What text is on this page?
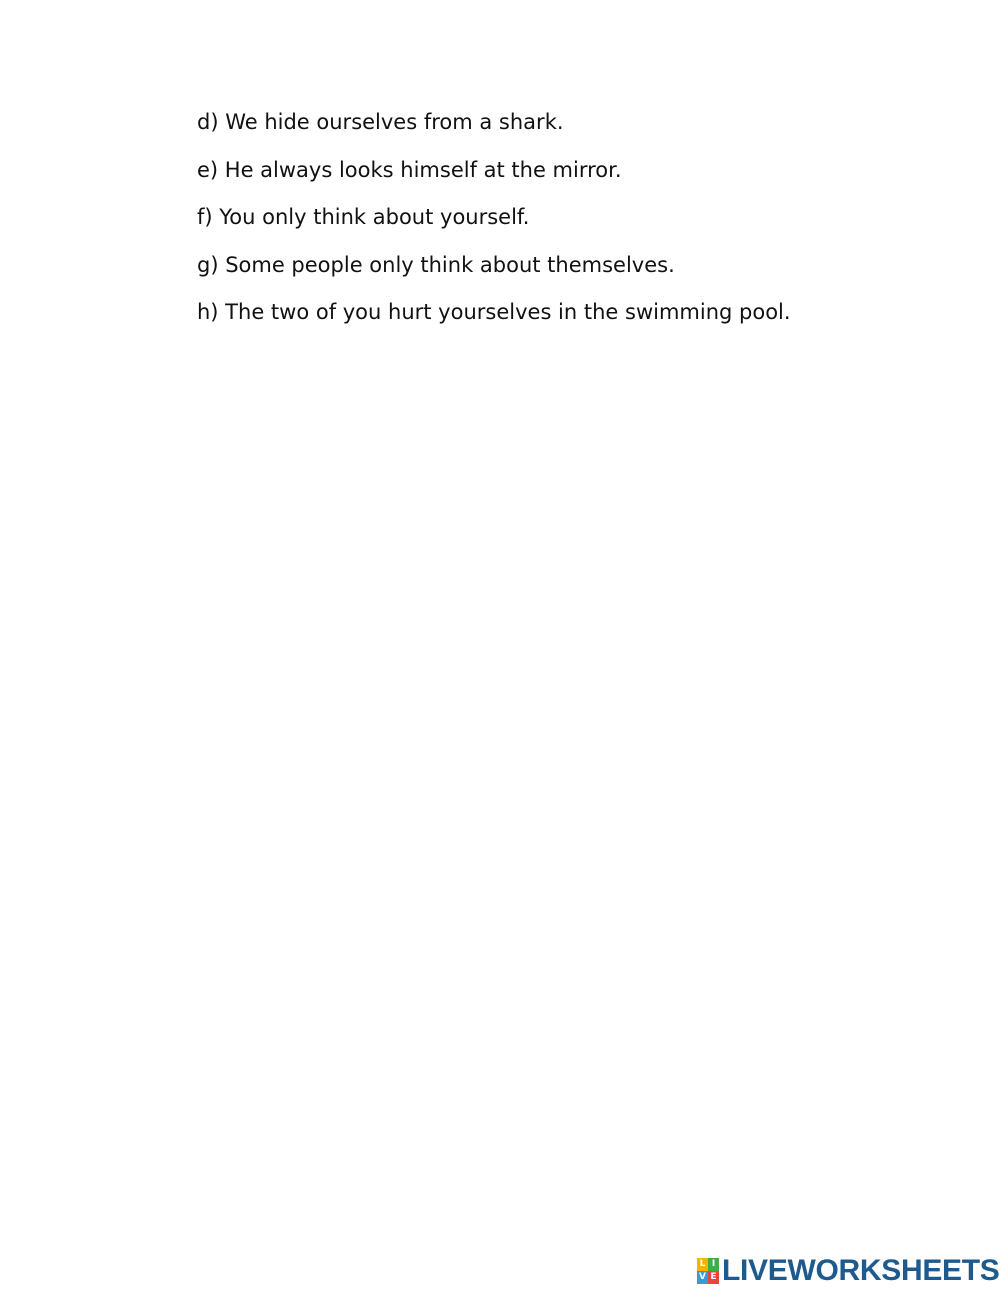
d) We hide ourselves from a shark.
e) He always looks himself at the mirror.
f) You only think about yourself.
g) Some people only think about themselves.
h) The two of you hurt yourselves in the swimming pool.
L I
V E LIVEWORKSHEETS
